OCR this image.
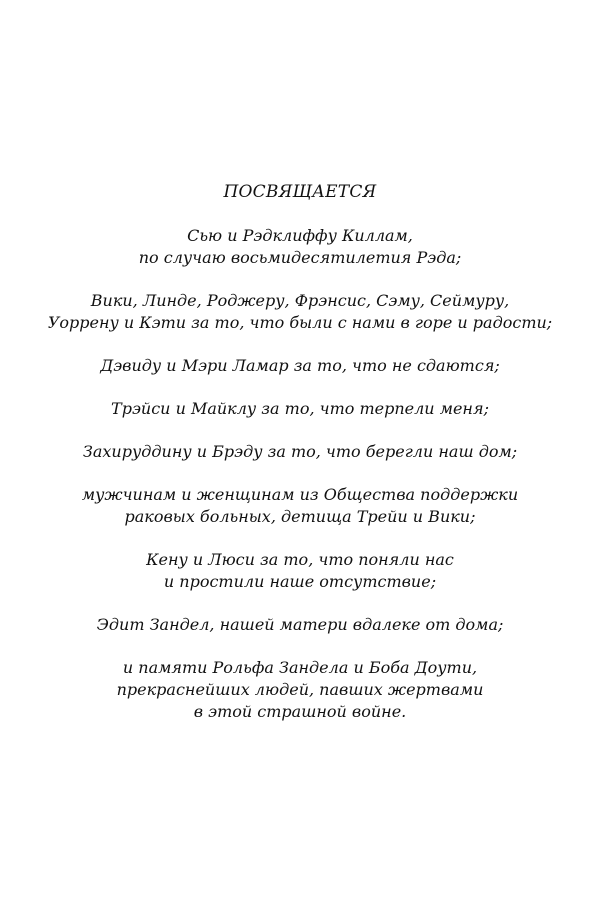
ПОСВЯЩАЕТСЯ
Сью и Рэдклиффу Киллам,
по случаю восьмидесятилетия Рэда;
Вики, Линде, Роджеру, Фрэнсис, Сэму, Сеймуру,
Уоррену и Кэти за то, что были с нами в горе и радости;
Дэвиду и Мэри Ламар за то, что не сдаются;
Трэйси и Майклу за то, что терпели меня;
Захируддину и Брэду за то, что берегли наш дом;
мужчинам и женщинам из Общества поддержки
раковых больных, детища Трейи и Вики;
Кену и Люси за то, что поняли нас
и простили наше отсутствие;
Эдит Зандел, нашей матери вдалеке от дома;
и памяти Рольфа Зандела и Боба Доути,
прекраснейших людей, павших жертвами
в этой страшной войне.
